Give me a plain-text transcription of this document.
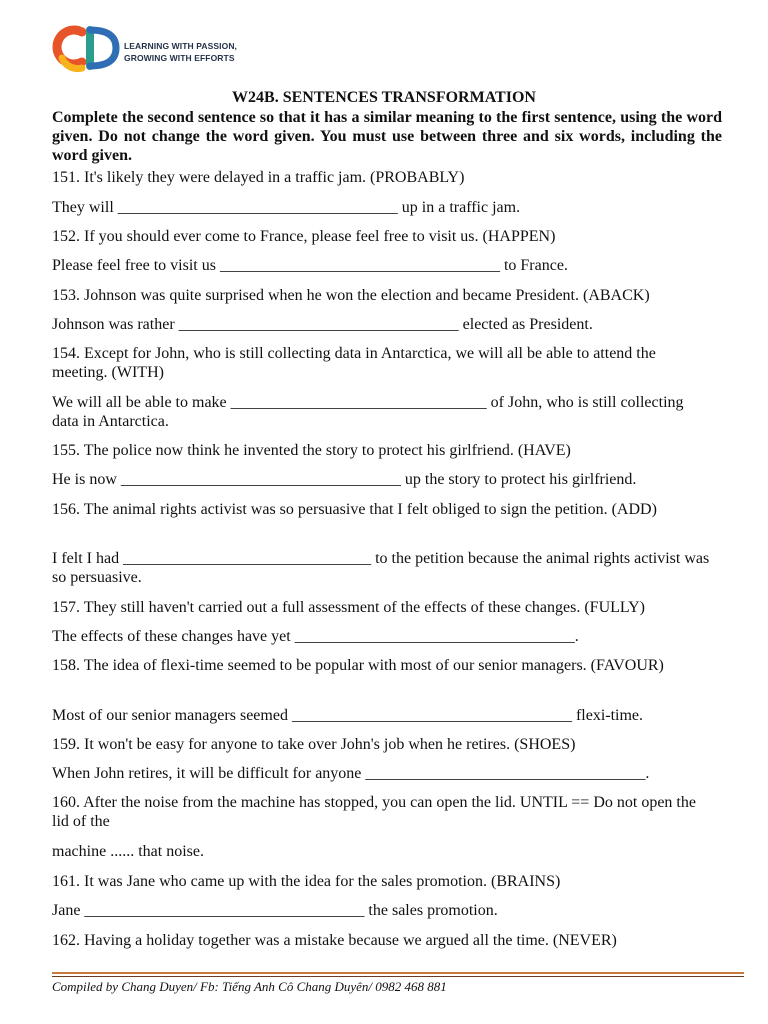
LEARNING WITH PASSION,
GROWING WITH EFFORTS
W24B. SENTENCES TRANSFORMATION
Complete the second sentence so that it has a similar meaning to the first sentence, using the word given. Do not change the word given. You must use between three and six words, including the word given.
151. It's likely they were delayed in a traffic jam. (PROBABLY)
They will ___________________________________ up in a traffic jam.
152. If you should ever come to France, please feel free to visit us. (HAPPEN)
Please feel free to visit us ___________________________________ to France.
153. Johnson was quite surprised when he won the election and became President. (ABACK)
Johnson was rather ___________________________________ elected as President.
154. Except for John, who is still collecting data in Antarctica, we will all be able to attend the meeting. (WITH)
We will all be able to make ________________________________ of John, who is still collecting data in Antarctica.
155. The police now think he invented the story to protect his girlfriend. (HAVE)
He is now ___________________________________ up the story to protect his girlfriend.
156. The animal rights activist was so persuasive that I felt obliged to sign the petition. (ADD)
I felt I had _______________________________ to the petition because the animal rights activist was so persuasive.
157. They still haven't carried out a full assessment of the effects of these changes. (FULLY)
The effects of these changes have yet ___________________________________.
158. The idea of flexi-time seemed to be popular with most of our senior managers. (FAVOUR)
Most of our senior managers seemed ___________________________________ flexi-time.
159. It won't be easy for anyone to take over John's job when he retires. (SHOES)
When John retires, it will be difficult for anyone ___________________________________.
160. After the noise from the machine has stopped, you can open the lid. UNTIL == Do not open the lid of the
machine ...... that noise.
161. It was Jane who came up with the idea for the sales promotion. (BRAINS)
Jane ___________________________________ the sales promotion.
162. Having a holiday together was a mistake because we argued all the time. (NEVER)
Compiled by Chang Duyen/ Fb: Tiếng Anh Cô Chang Duyên/ 0982 468 881
